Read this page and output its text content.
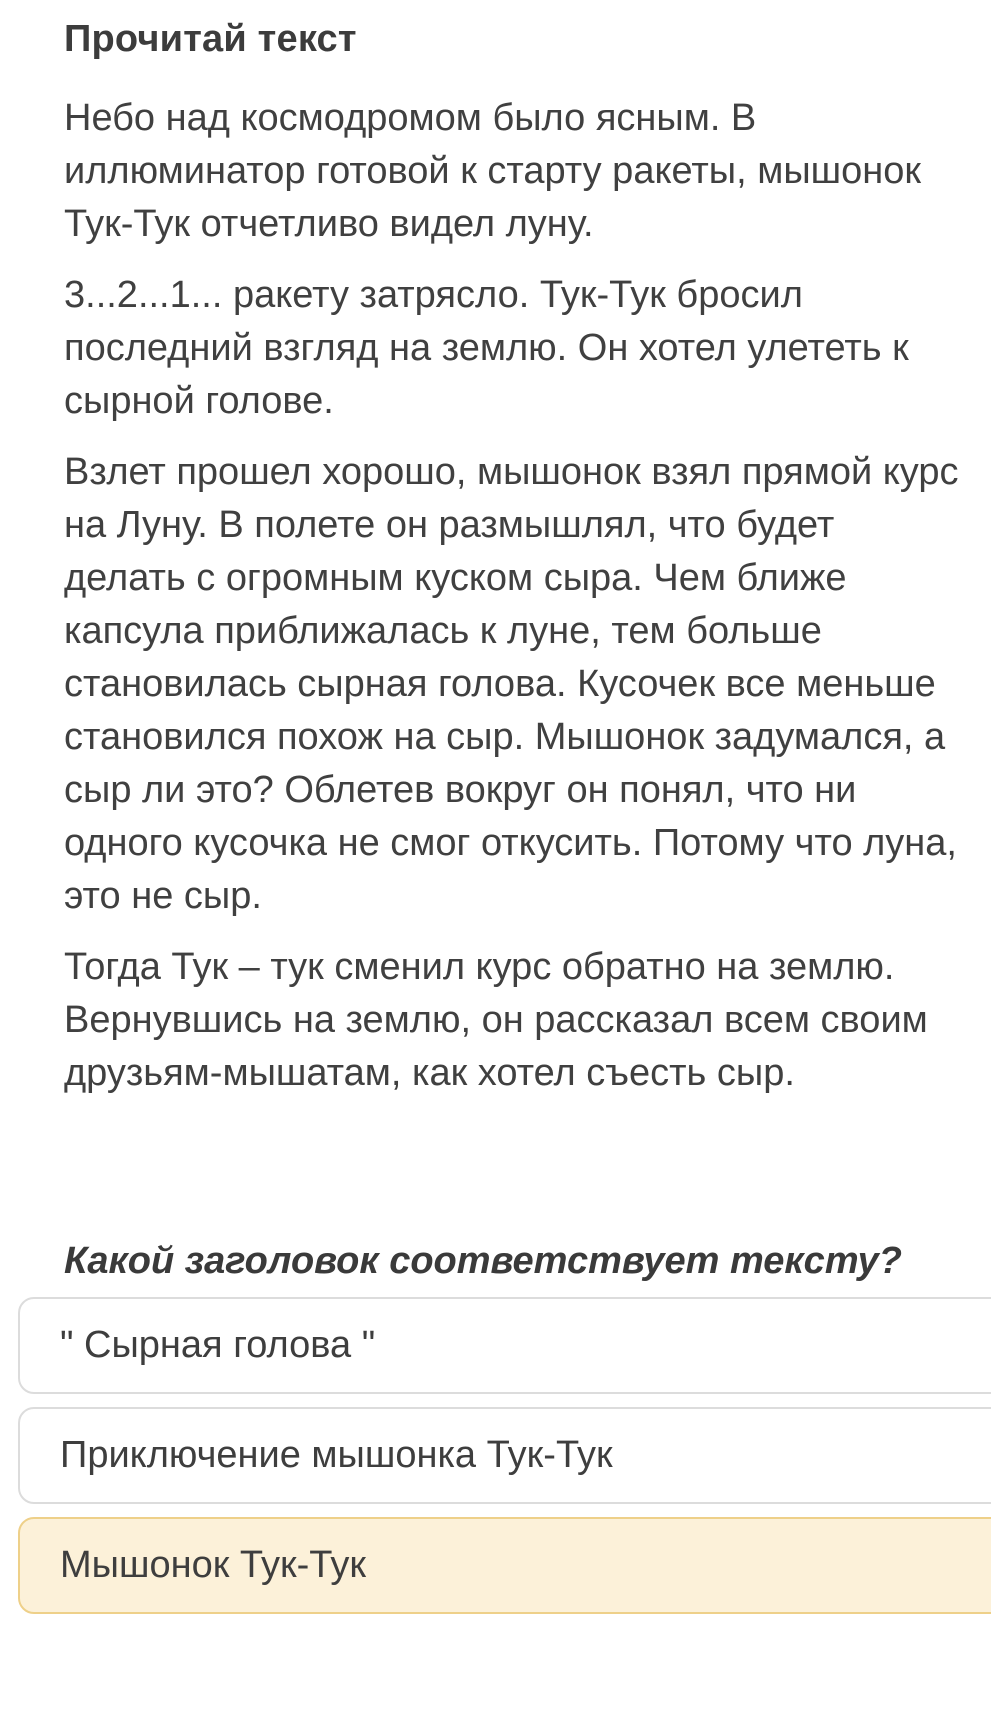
Прочитай текст

Небо над космодромом было ясным. В иллюминатор готовой к старту ракеты, мышонок Тук-Тук отчетливо видел луну.

3...2...1... ракету затрясло. Тук-Тук бросил последний взгляд на землю. Он хотел улететь к сырной голове.

Взлет прошел хорошо, мышонок взял прямой курс на Луну. В полете он размышлял, что будет делать с огромным куском сыра. Чем ближе капсула приближалась к луне, тем больше становилась сырная голова. Кусочек все меньше становился похож на сыр. Мышонок задумался, а сыр ли это? Облетев вокруг он понял, что ни одного кусочка не смог откусить. Потому что луна, это не сыр.

Тогда Тук – тук сменил курс обратно на землю. Вернувшись на землю, он рассказал всем своим друзьям-мышатам, как хотел съесть сыр.

Какой заголовок соответствует тексту?

" Сырная голова "
Приключение мышонка Тук-Тук
Мышонок Тук-Тук
